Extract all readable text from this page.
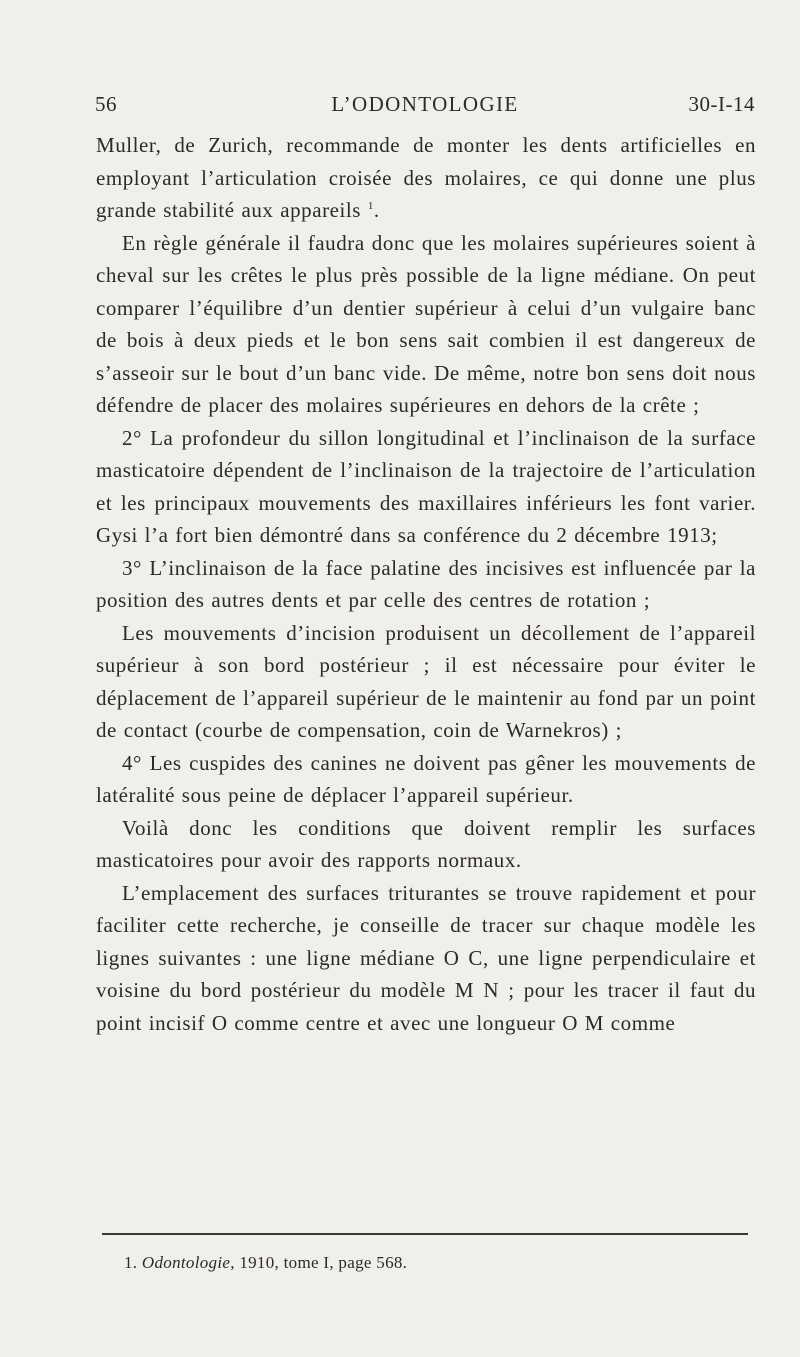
56	L’ODONTOLOGIE	30-I-14

Muller, de Zurich, recommande de monter les dents artificielles en employant l’articulation croisée des molaires, ce qui donne une plus grande stabilité aux appareils $^1$.

En règle générale il faudra donc que les molaires supérieures soient à cheval sur les crêtes le plus près possible de la ligne médiane. On peut comparer l’équilibre d’un dentier supérieur à celui d’un vulgaire banc de bois à deux pieds et le bon sens sait combien il est dangereux de s’asseoir sur le bout d’un banc vide. De même, notre bon sens doit nous défendre de placer des molaires supérieures en dehors de la crête ;

2° La profondeur du sillon longitudinal et l’inclinaison de la surface masticatoire dépendent de l’inclinaison de la trajectoire de l’articulation et les principaux mouvements des maxillaires inférieurs les font varier. Gysi l’a fort bien démontré dans sa conférence du 2 décembre 1913;

3° L’inclinaison de la face palatine des incisives est influencée par la position des autres dents et par celle des centres de rotation ;

Les mouvements d’incision produisent un décollement de l’appareil supérieur à son bord postérieur ; il est nécessaire pour éviter le déplacement de l’appareil supérieur de le maintenir au fond par un point de contact (courbe de compensation, coin de Warnekros) ;

4° Les cuspides des canines ne doivent pas gêner les mouvements de latéralité sous peine de déplacer l’appareil supérieur.

Voilà donc les conditions que doivent remplir les surfaces masticatoires pour avoir des rapports normaux.

L’emplacement des surfaces triturantes se trouve rapidement et pour faciliter cette recherche, je conseille de tracer sur chaque modèle les lignes suivantes : une ligne médiane O C, une ligne perpendiculaire et voisine du bord postérieur du modèle M N ; pour les tracer il faut du point incisif O comme centre et avec une longueur O M comme

1. Odontologie, 1910, tome I, page 568.
